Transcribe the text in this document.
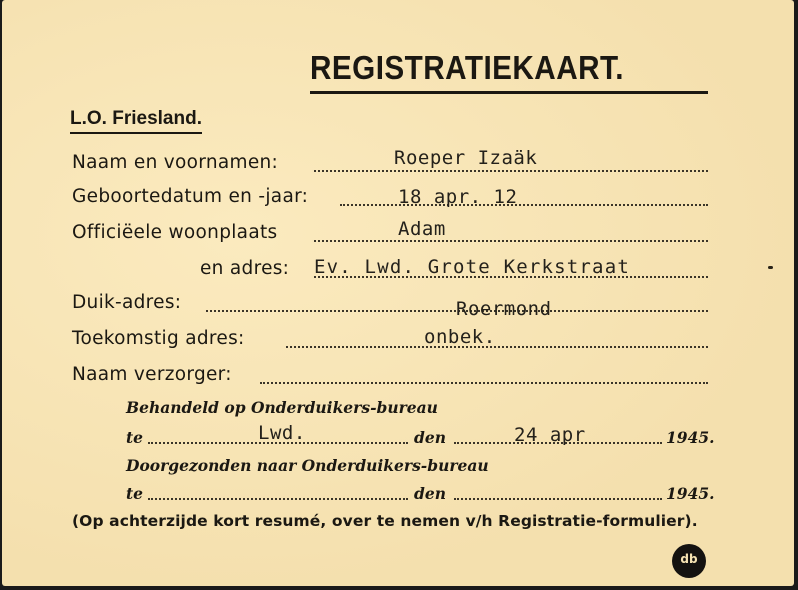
REGISTRATIEKAART.
L.O. Friesland.
Naam en voornamen:	Roeper Izaäk
Geboortedatum en -jaar:	18 apr. 12
Officiëele woonplaats	Adam
en adres: Ev. Lwd. Grote Kerkstraat
Duik-adres:	Roermond
Toekomstig adres:	onbek.
Naam verzorger:
Behandeld op Onderduikers-bureau
te	Lwd.	den	24 apr	1945.
Doorgezonden naar Onderduikers-bureau
te	den	1945.
(Op achterzijde kort resumé, over te nemen v/h Registratie-formulier).
db
